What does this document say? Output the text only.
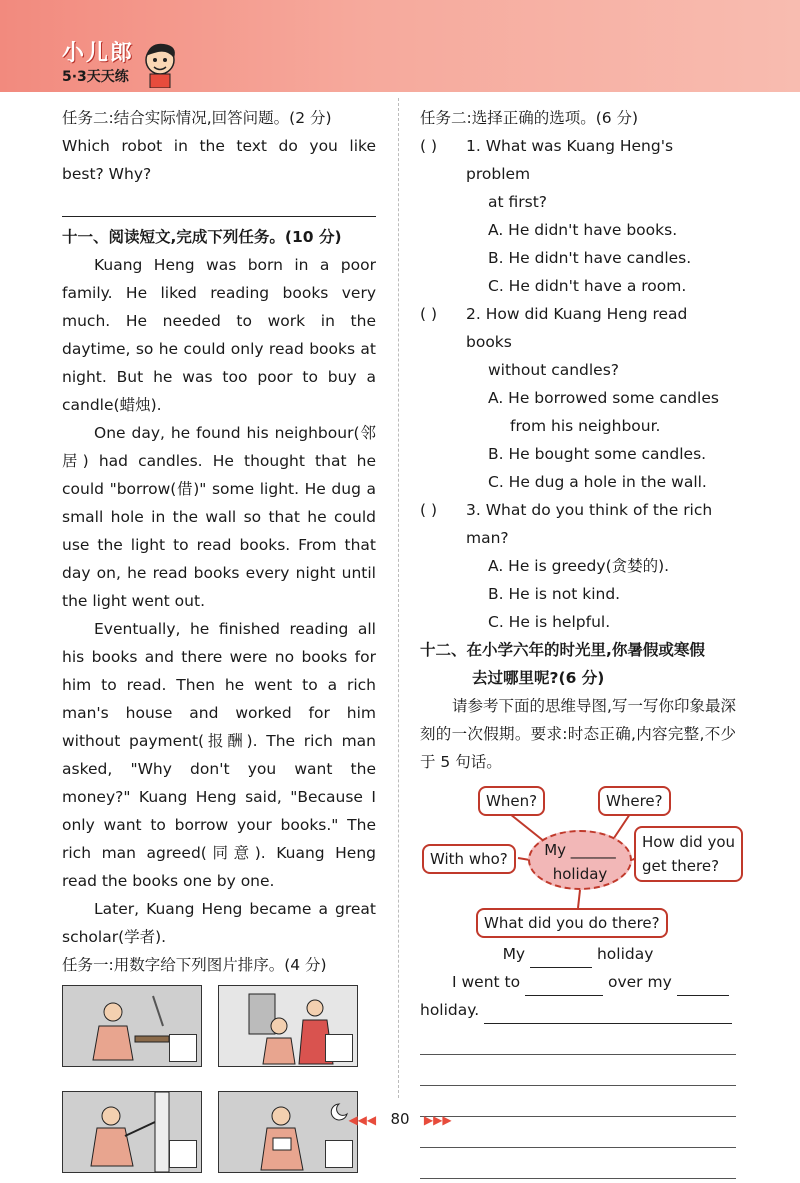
小儿郎
5·3天天练
任务二:结合实际情况,回答问题。(2 分)
Which robot in the text do you like best? Why?
十一、阅读短文,完成下列任务。(10 分)
Kuang Heng was born in a poor family. He liked reading books very much. He needed to work in the daytime, so he could only read books at night. But he was too poor to buy a candle(蜡烛).
One day, he found his neighbour(邻居) had candles. He thought that he could "borrow(借)" some light. He dug a small hole in the wall so that he could use the light to read books. From that day on, he read books every night until the light went out.
Eventually, he finished reading all his books and there were no books for him to read. Then he went to a rich man's house and worked for him without payment(报酬). The rich man asked, "Why don't you want the money?" Kuang Heng said, "Because I only want to borrow your books." The rich man agreed(同意). Kuang Heng read the books one by one.
Later, Kuang Heng became a great scholar(学者).
任务一:用数字给下列图片排序。(4 分)
任务二:选择正确的选项。(6 分)
( )	1. What was Kuang Heng's problem
at first?
A. He didn't have books.
B. He didn't have candles.
C. He didn't have a room.
( )	2. How did Kuang Heng read books
without candles?
A. He borrowed some candles
from his neighbour.
B. He bought some candles.
C. He dug a hole in the wall.
( )	3. What do you think of the rich man?
A. He is greedy(贪婪的).
B. He is not kind.
C. He is helpful.
十二、在小学六年的时光里,你暑假或寒假
去过哪里呢?(6 分)
请参考下面的思维导图,写一写你印象最深刻的一次假期。要求:时态正确,内容完整,不少于 5 句话。
When?	Where?
With who?
How did you
get there?
My ______
holiday
What did you do there?
My	holiday
I went to	over my
holiday.
◀◀◀ 80 ▶▶▶
